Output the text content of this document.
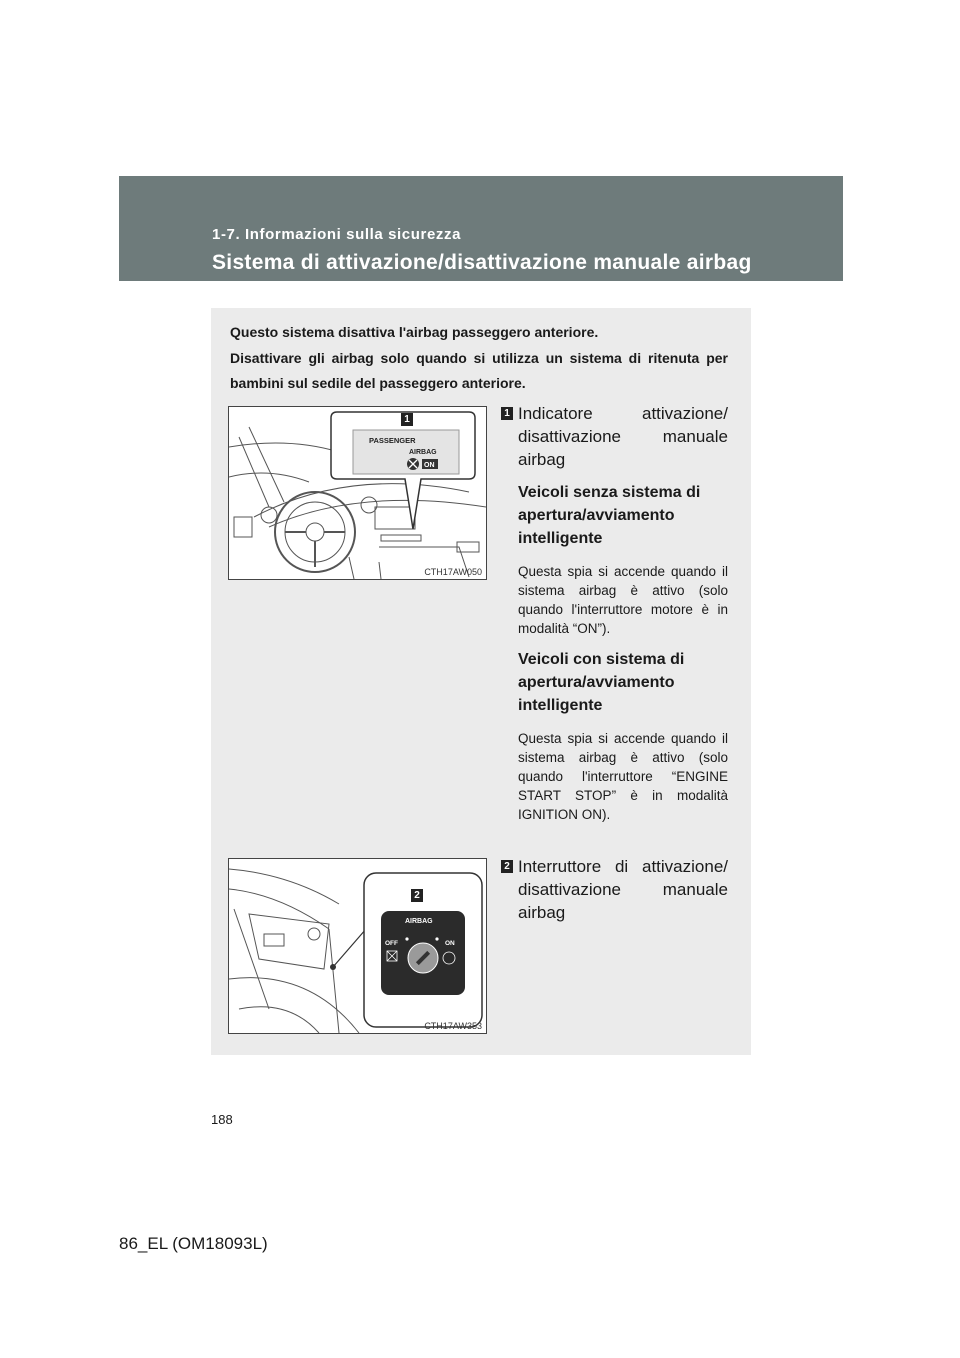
1-7. Informazioni sulla sicurezza
Sistema di attivazione/disattivazione manuale airbag

Questo sistema disattiva l'airbag passeggero anteriore.

Disattivare gli airbag solo quando si utilizza un sistema di ritenuta per bambini sul sedile del passeggero anteriore.

PASSENGER
AIRBAG
ON
1
CTH17AW050
1 Indicatore attivazione/ disattivazione manuale airbag
Veicoli senza sistema di apertura/avviamento intelligente
Questa spia si accende quando il sistema airbag è attivo (solo quando l'interruttore motore è in modalità “ON”).
Veicoli con sistema di apertura/avviamento intelligente
Questa spia si accende quando il sistema airbag è attivo (solo quando l'interruttore “ENGINE START STOP” è in modalità IGNITION ON).
AIRBAG
OFF	ON
2
CTH17AW353
2 Interruttore di attivazione/ disattivazione manuale airbag
188
86_EL (OM18093L)
